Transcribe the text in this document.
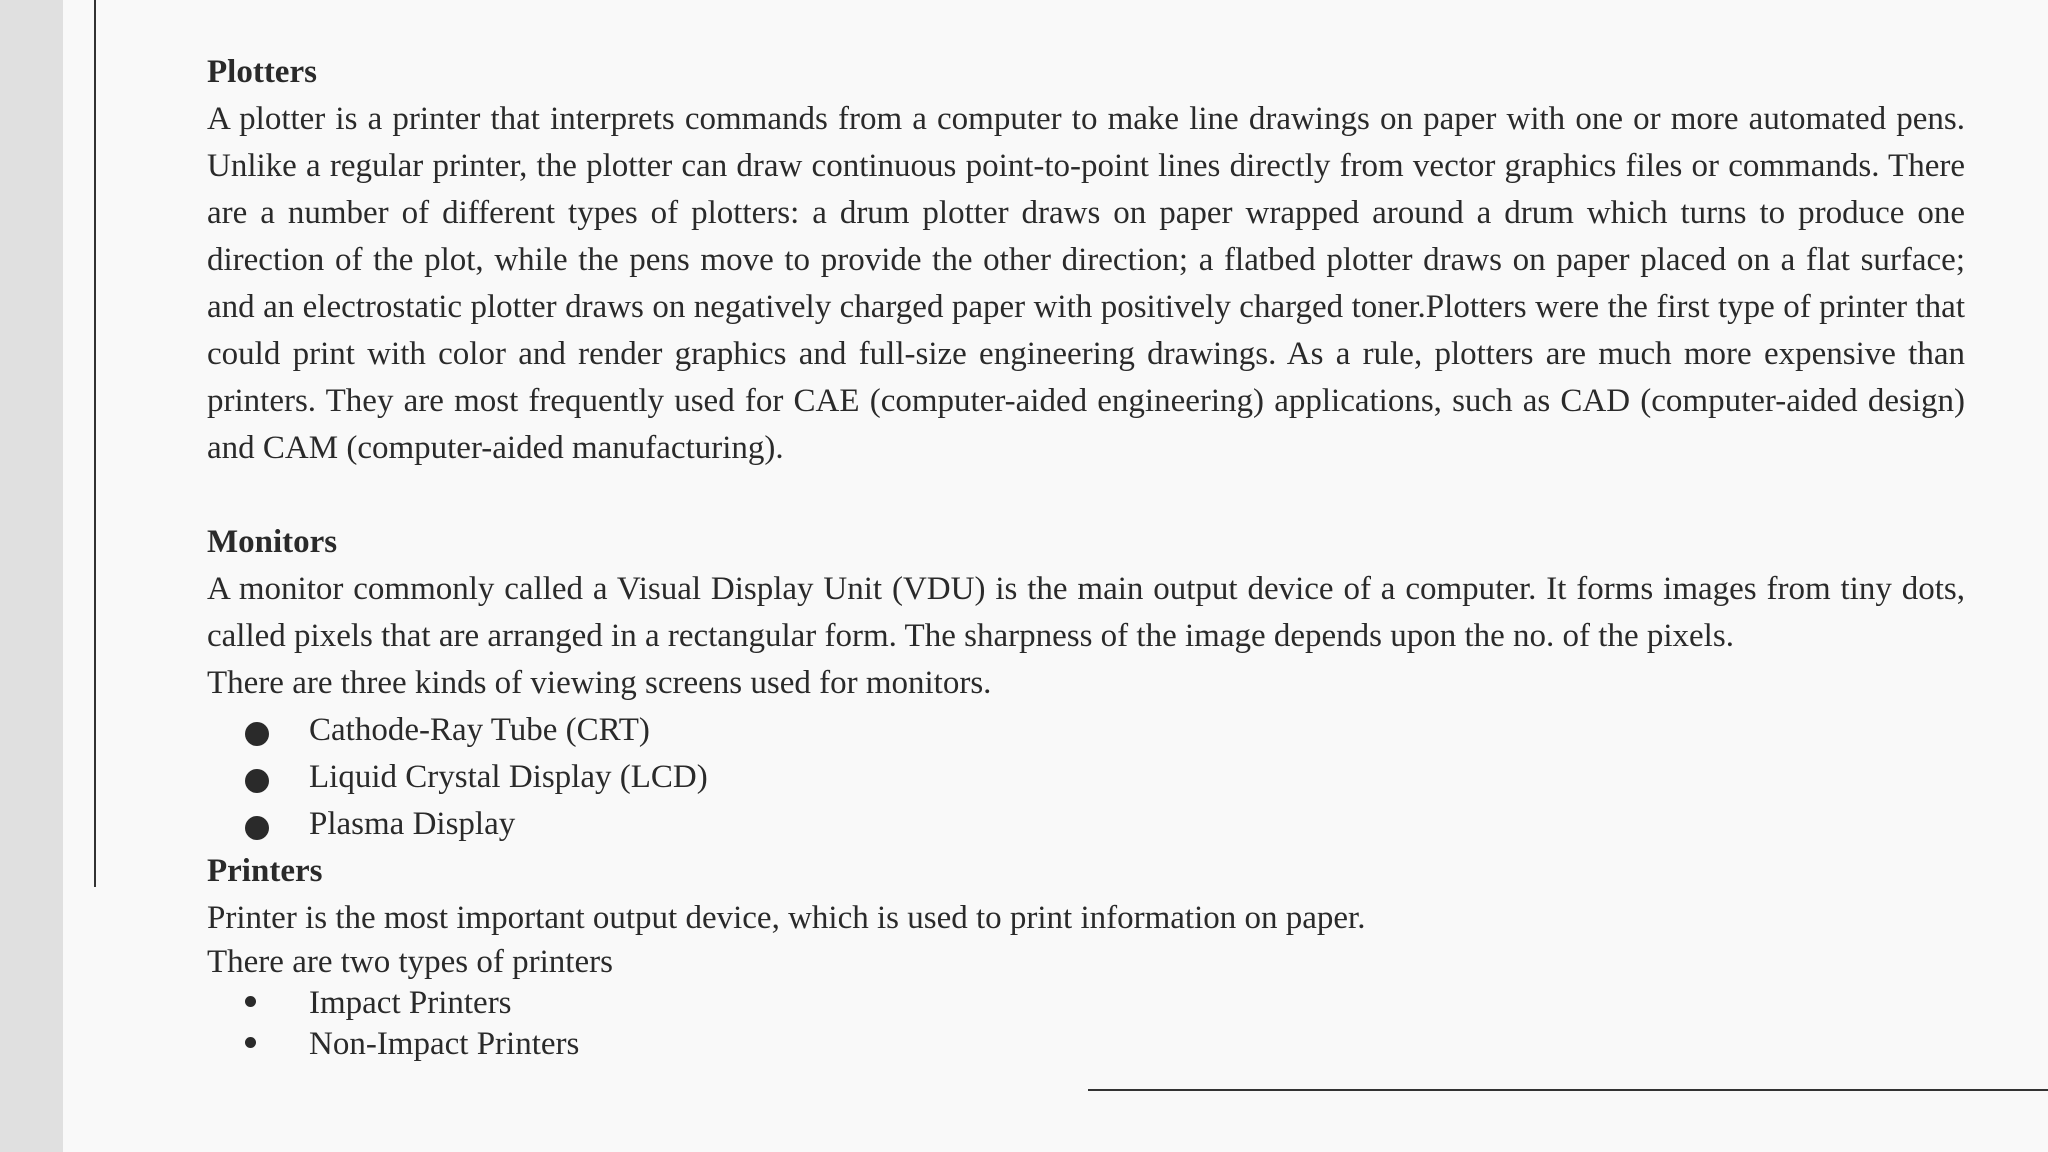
Plotters

A plotter is a printer that interprets commands from a computer to make line drawings on paper with one or more automated pens. Unlike a regular printer, the plotter can draw continuous point-to-point lines directly from vector graphics files or commands. There are a number of different types of plotters: a drum plotter draws on paper wrapped around a drum which turns to produce one direction of the plot, while the pens move to provide the other direction; a flatbed plotter draws on paper placed on a flat surface; and an electrostatic plotter draws on negatively charged paper with positively charged toner.Plotters were the first type of printer that could print with color and render graphics and full-size engineering drawings. As a rule, plotters are much more expensive than printers. They are most frequently used for CAE (computer-aided engineering) applications, such as CAD (computer-aided design) and CAM (computer-aided manufacturing).

Monitors

A monitor commonly called a Visual Display Unit (VDU) is the main output device of a computer. It forms images from tiny dots, called pixels that are arranged in a rectangular form. The sharpness of the image depends upon the no. of the pixels.

There are three kinds of viewing screens used for monitors.

Cathode-Ray Tube (CRT)
Liquid Crystal Display (LCD)
Plasma Display

Printers

Printer is the most important output device, which is used to print information on paper.

There are two types of printers

Impact Printers
Non-Impact Printers
